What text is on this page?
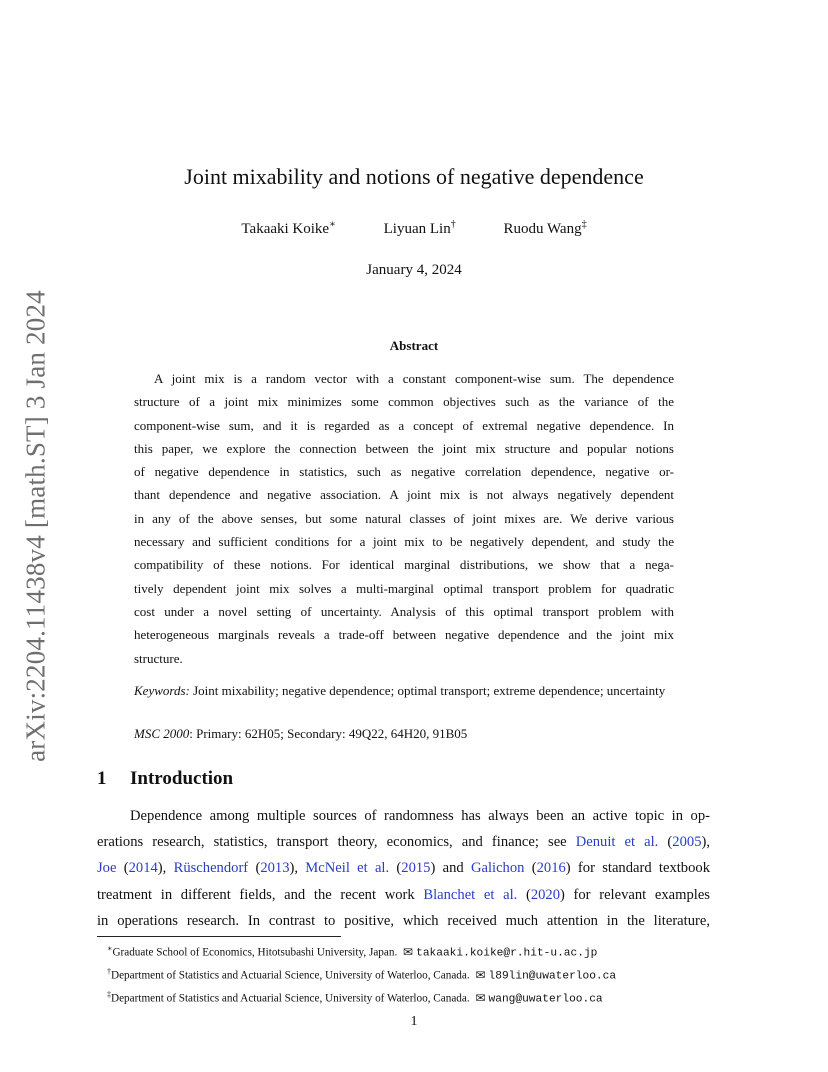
arXiv:2204.11438v4 [math.ST] 3 Jan 2024
Joint mixability and notions of negative dependence
Takaaki Koike∗	Liyuan Lin†	Ruodu Wang‡
January 4, 2024
Abstract
A joint mix is a random vector with a constant component-wise sum. The dependence
structure of a joint mix minimizes some common objectives such as the variance of the
component-wise sum, and it is regarded as a concept of extremal negative dependence. In
this paper, we explore the connection between the joint mix structure and popular notions
of negative dependence in statistics, such as negative correlation dependence, negative or-
thant dependence and negative association. A joint mix is not always negatively dependent
in any of the above senses, but some natural classes of joint mixes are. We derive various
necessary and sufficient conditions for a joint mix to be negatively dependent, and study the
compatibility of these notions. For identical marginal distributions, we show that a nega-
tively dependent joint mix solves a multi-marginal optimal transport problem for quadratic
cost under a novel setting of uncertainty. Analysis of this optimal transport problem with
heterogeneous marginals reveals a trade-off between negative dependence and the joint mix
structure.
Keywords: Joint mixability; negative dependence; optimal transport; extreme dependence; uncertainty
MSC 2000: Primary: 62H05; Secondary: 49Q22, 64H20, 91B05
1 Introduction
Dependence among multiple sources of randomness has always been an active topic in op-
erations research, statistics, transport theory, economics, and finance; see Denuit et al. (2005),
Joe (2014), Rüschendorf (2013), McNeil et al. (2015) and Galichon (2016) for standard textbook
treatment in different fields, and the recent work Blanchet et al. (2020) for relevant examples
in operations research. In contrast to positive, which received much attention in the literature,
∗Graduate School of Economics, Hitotsubashi University, Japan. ✉ takaaki.koike@r.hit-u.ac.jp
†Department of Statistics and Actuarial Science, University of Waterloo, Canada. ✉ l89lin@uwaterloo.ca
‡Department of Statistics and Actuarial Science, University of Waterloo, Canada. ✉ wang@uwaterloo.ca
1
